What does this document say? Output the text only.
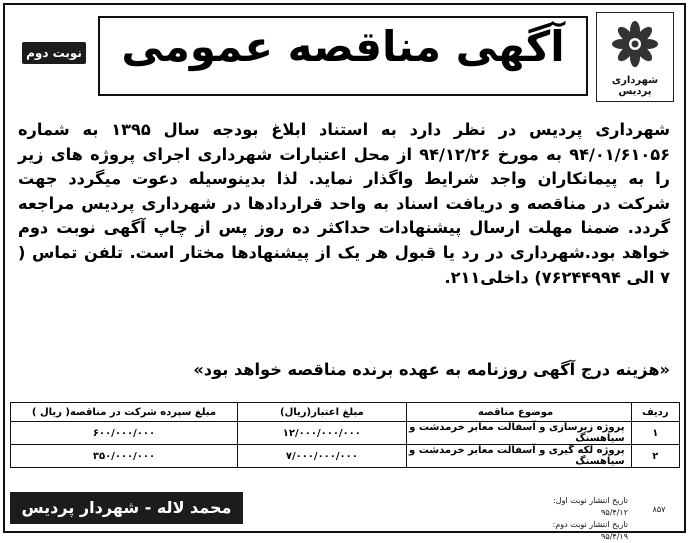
شهرداری پردیس
آگهی مناقصه عمومی
نوبت دوم
شهرداری پردیس در نظر دارد به استناد ابلاغ بودجه سال ۱۳۹۵ به شماره ۹۴/۰۱/۶۱۰۵۶ به مورخ ۹۴/۱۲/۲۶ از محل اعتبارات شهرداری اجرای پروژه های زیر را به پیمانکاران واجد شرایط واگذار نماید. لذا بدینوسیله دعوت میگردد جهت شرکت در مناقصه و دریافت اسناد به واحد قراردادها در شهرداری پردیس مراجعه گردد. ضمنا مهلت ارسال پیشنهادات حداکثر ده روز پس از چاپ آگهی نوبت دوم خواهد بود.شهرداری در رد یا قبول هر یک از پیشنهادها مختار است. تلفن تماس ( ۷ الی ۷۶۲۴۴۹۹۴) داخلی۲۱۱.
«هزینه درج آگهی روزنامه به عهده برنده مناقصه خواهد بود»
ردیف	موضوع مناقصه	مبلغ اعتبار(ریال)	مبلغ سپرده شرکت در مناقصه( ریال )
۱	پروژه زیرسازی و آسفالت معابر خرمدشت و سیاهسنگ	۱۲/۰۰۰/۰۰۰/۰۰۰	۶۰۰/۰۰۰/۰۰۰
۲	پروژه لکه گیری و آسفالت معابر خرمدشت و سیاهسنگ	۷/۰۰۰/۰۰۰/۰۰۰	۳۵۰/۰۰۰/۰۰۰
محمد لاله - شهردار پردیس	تاریخ انتشار نوبت اول: ۹۵/۴/۱۲
تاریخ انتشار نوبت دوم: ۹۵/۴/۱۹
۸۵۷
